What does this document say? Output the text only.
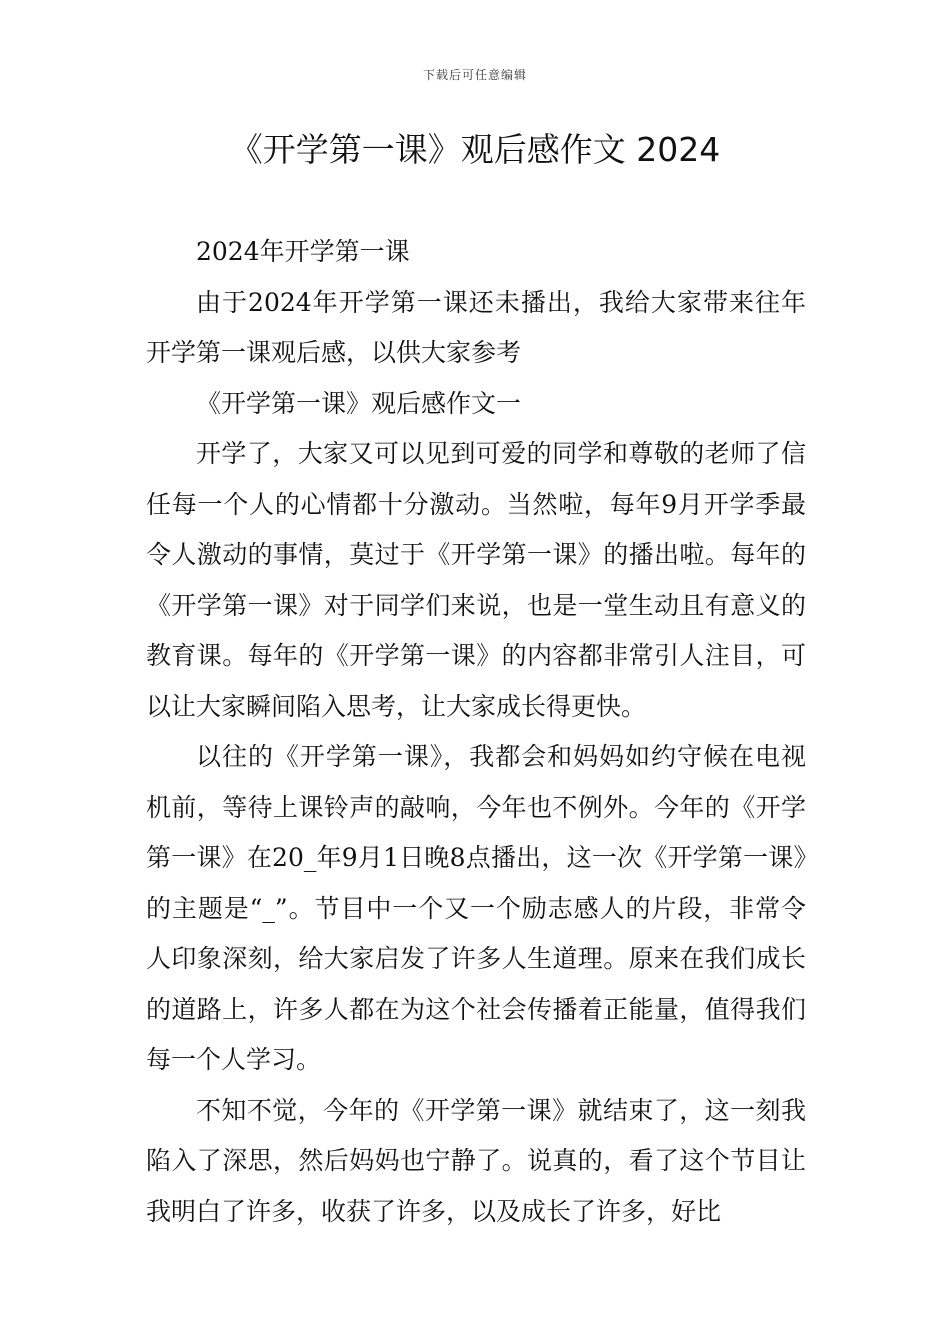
下载后可任意编辑
《开学第一课》观后感作文 2024

2024年开学第一课

由于2024年开学第一课还未播出，我给大家带来往年开学第一课观后感，以供大家参考

《开学第一课》观后感作文一

开学了，大家又可以见到可爱的同学和尊敬的老师了信任每一个人的心情都十分激动。当然啦，每年9月开学季最令人激动的事情，莫过于《开学第一课》的播出啦。每年的《开学第一课》对于同学们来说，也是一堂生动且有意义的教育课。每年的《开学第一课》的内容都非常引人注目，可以让大家瞬间陷入思考，让大家成长得更快。

以往的《开学第一课》，我都会和妈妈如约守候在电视机前，等待上课铃声的敲响，今年也不例外。今年的《开学第一课》在20_年9月1日晚8点播出，这一次《开学第一课》的主题是“_”。节目中一个又一个励志感人的片段，非常令人印象深刻，给大家启发了许多人生道理。原来在我们成长的道路上，许多人都在为这个社会传播着正能量，值得我们每一个人学习。

不知不觉，今年的《开学第一课》就结束了，这一刻我陷入了深思，然后妈妈也宁静了。说真的，看了这个节目让我明白了许多，收获了许多，以及成长了许多，好比
